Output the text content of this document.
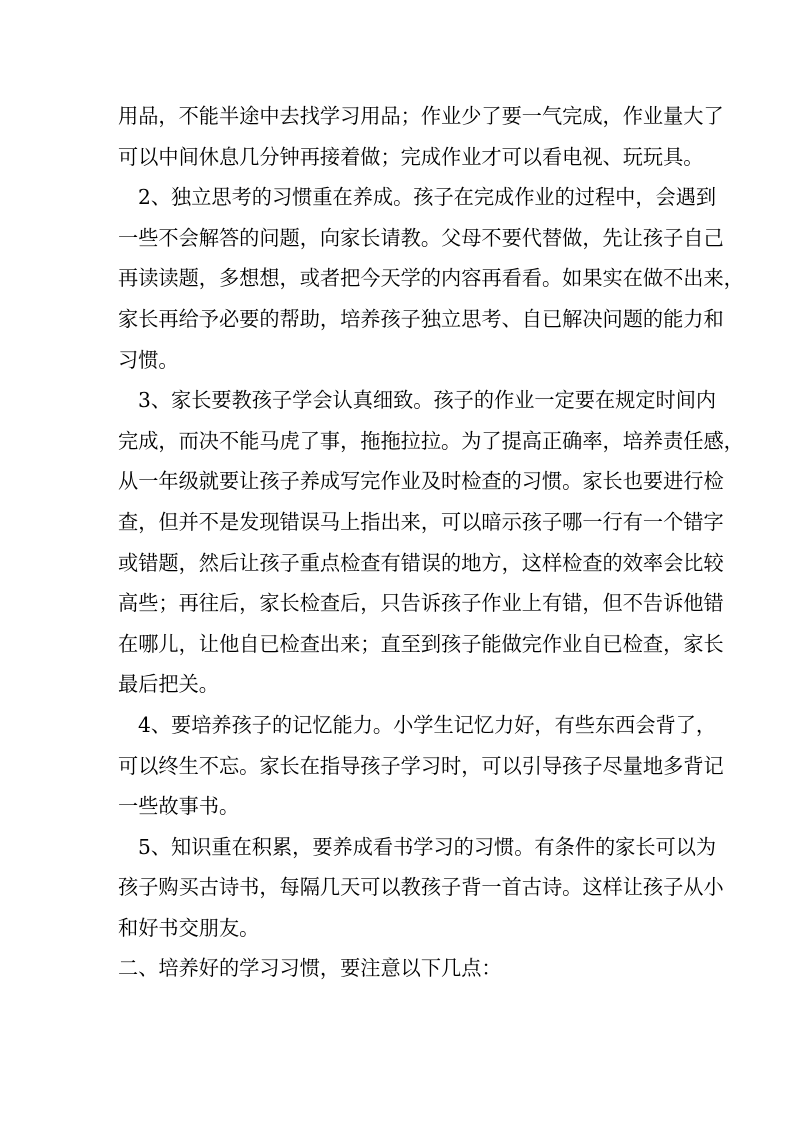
用品，不能半途中去找学习用品；作业少了要一气完成，作业量大了
可以中间休息几分钟再接着做；完成作业才可以看电视、玩玩具。
2、独立思考的习惯重在养成。孩子在完成作业的过程中，会遇到
一些不会解答的问题，向家长请教。父母不要代替做，先让孩子自己
再读读题，多想想，或者把今天学的内容再看看。如果实在做不出来，
家长再给予必要的帮助，培养孩子独立思考、自已解决问题的能力和
习惯。
3、家长要教孩子学会认真细致。孩子的作业一定要在规定时间内
完成，而决不能马虎了事，拖拖拉拉。为了提高正确率，培养责任感，
从一年级就要让孩子养成写完作业及时检查的习惯。家长也要进行检
查，但并不是发现错误马上指出来，可以暗示孩子哪一行有一个错字
或错题，然后让孩子重点检查有错误的地方，这样检查的效率会比较
高些；再往后，家长检查后，只告诉孩子作业上有错，但不告诉他错
在哪儿，让他自已检查出来；直至到孩子能做完作业自已检查，家长
最后把关。
4、要培养孩子的记忆能力。小学生记忆力好，有些东西会背了，
可以终生不忘。家长在指导孩子学习时，可以引导孩子尽量地多背记
一些故事书。
5、知识重在积累，要养成看书学习的习惯。有条件的家长可以为
孩子购买古诗书，每隔几天可以教孩子背一首古诗。这样让孩子从小
和好书交朋友。
二、培养好的学习习惯，要注意以下几点：
